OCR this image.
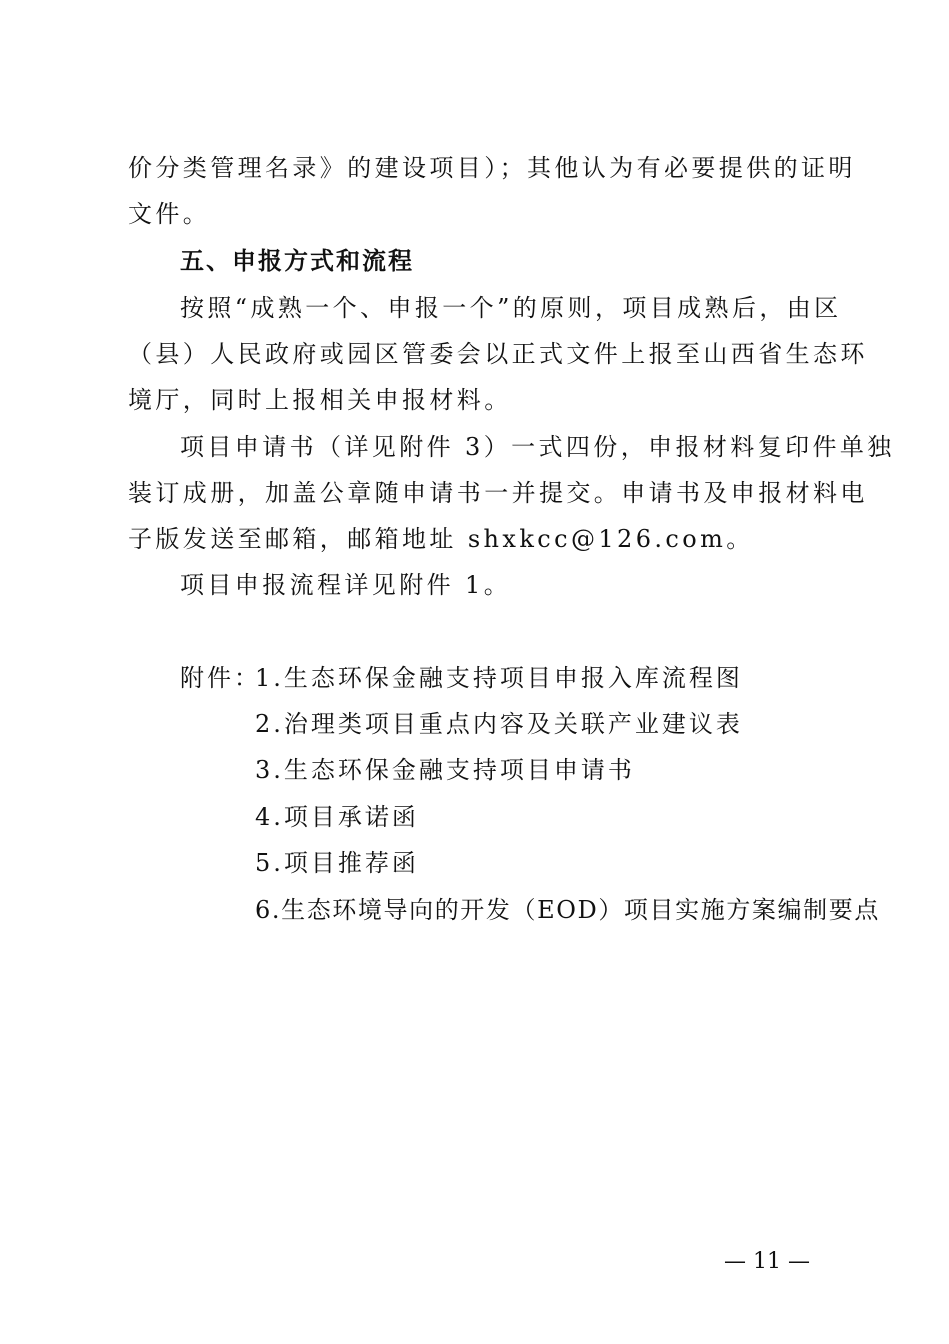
价分类管理名录》的建设项目）；其他认为有必要提供的证明
文件。
五、申报方式和流程
按照“成熟一个、申报一个”的原则，项目成熟后，由区
（县）人民政府或园区管委会以正式文件上报至山西省生态环
境厅，同时上报相关申报材料。
项目申请书（详见附件 3）一式四份，申报材料复印件单独
装订成册，加盖公章随申请书一并提交。申请书及申报材料电
子版发送至邮箱，邮箱地址 shxkcc@126.com。
项目申报流程详见附件 1。
附件：
1.生态环保金融支持项目申报入库流程图
2.治理类项目重点内容及关联产业建议表
3.生态环保金融支持项目申请书
4.项目承诺函
5.项目推荐函
6.生态环境导向的开发（EOD）项目实施方案编制要点
— 11 —
